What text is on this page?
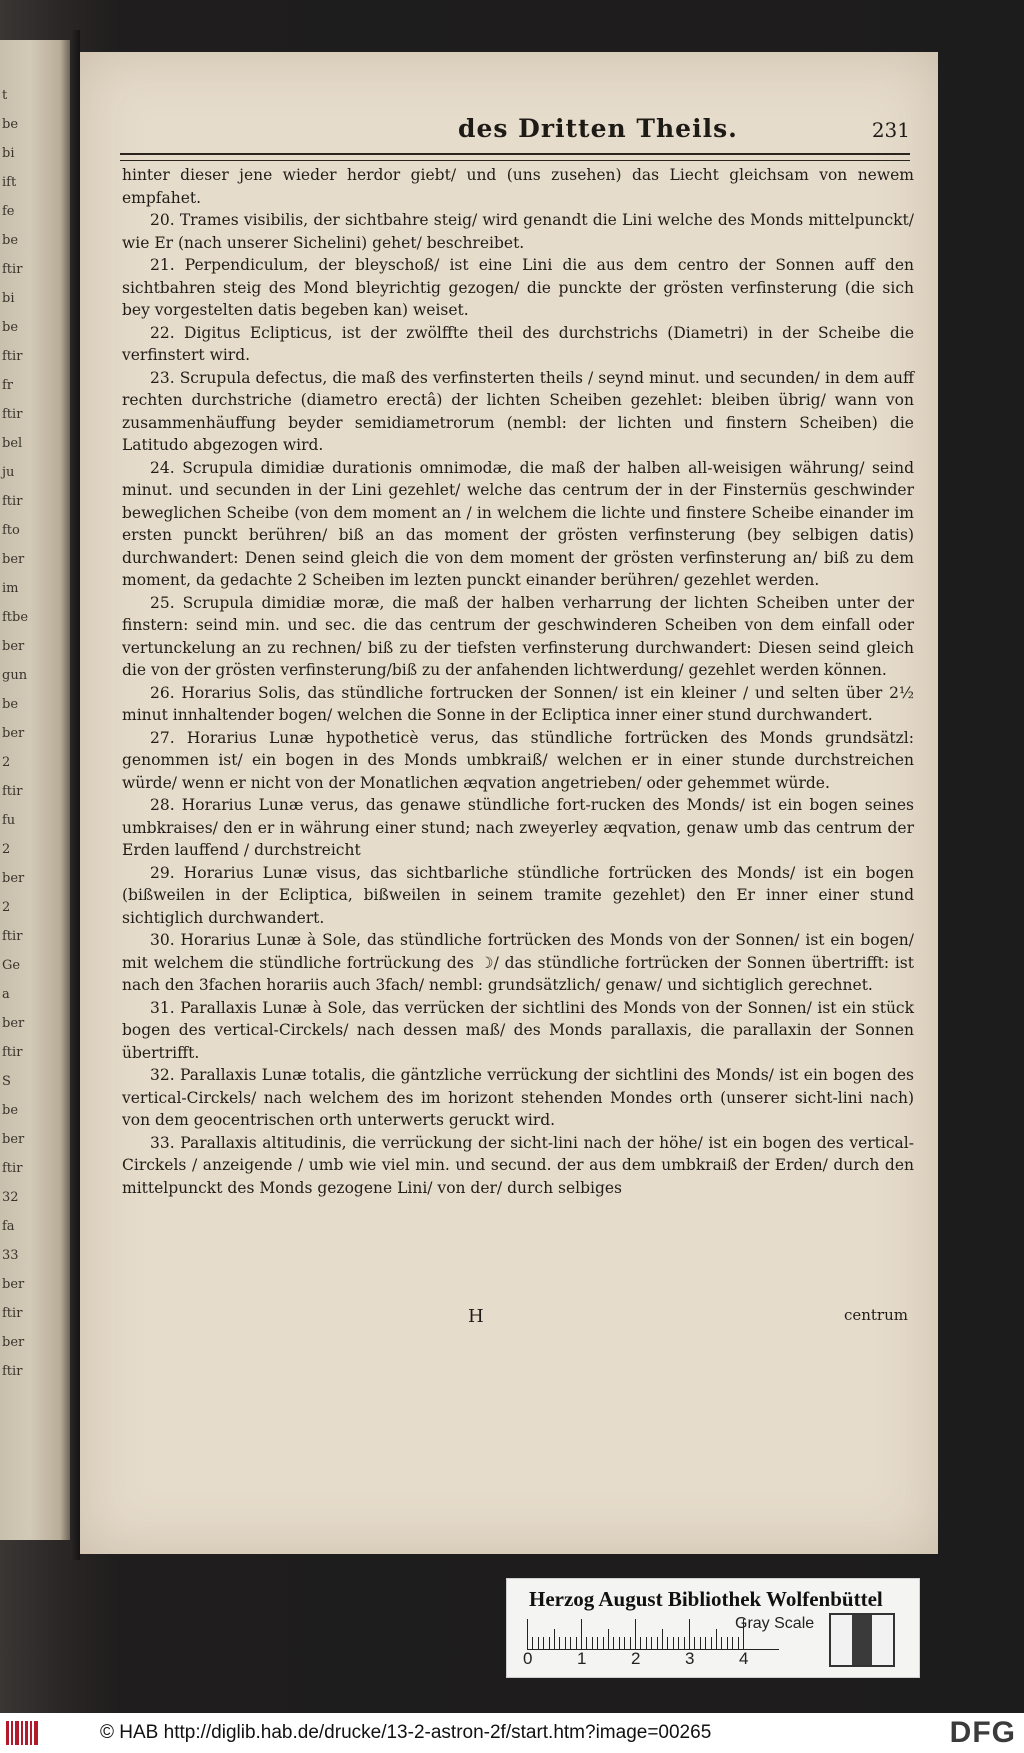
t
be
bi
ift
fe
be
ftir
bi
be
ftir
fr
ftir
bel
ju
ftir
fto
ber
im
ftbe
ber
gun
be
ber
2
ftir
fu
2
ber
2
ftir
Ge
a
ber
ftir
S
be
ber
ftir
32
fa
33
ber
ftir
ber
ftir
des Dritten Theils.	231

hinter dieser jene wieder herdor giebt/ und (uns zusehen) das Liecht gleichsam von newem empfahet.

20. Trames visibilis, der sichtbahre steig/ wird genandt die Lini welche des Monds mittelpunckt/ wie Er (nach unserer Sichelini) gehet/ beschreibet.

21. Perpendiculum, der bleyschoß/ ist eine Lini die aus dem centro der Sonnen auff den sichtbahren steig des Mond bleyrichtig gezogen/ die punckte der grösten verfinsterung (die sich bey vorgestelten datis begeben kan) weiset.

22. Digitus Eclipticus, ist der zwölffte theil des durchstrichs (Diametri) in der Scheibe die verfinstert wird.

23. Scrupula defectus, die maß des verfinsterten theils / seynd minut. und secunden/ in dem auff rechten durchstriche (diametro erectâ) der lichten Scheiben gezehlet: bleiben übrig/ wann von zusammenhäuffung beyder semidiametrorum (nembl: der lichten und finstern Scheiben) die Latitudo abgezogen wird.

24. Scrupula dimidiæ durationis omnimodæ, die maß der halben all-weisigen währung/ seind minut. und secunden in der Lini gezehlet/ welche das centrum der in der Finsternüs geschwinder beweglichen Scheibe (von dem moment an / in welchem die lichte und finstere Scheibe einander im ersten punckt berühren/ biß an das moment der grösten verfinsterung (bey selbigen datis) durchwandert: Denen seind gleich die von dem moment der grösten verfinsterung an/ biß zu dem moment, da gedachte 2 Scheiben im lezten punckt einander berühren/ gezehlet werden.

25. Scrupula dimidiæ moræ, die maß der halben verharrung der lichten Scheiben unter der finstern: seind min. und sec. die das centrum der geschwinderen Scheiben von dem einfall oder vertunckelung an zu rechnen/ biß zu der tiefsten verfinsterung durchwandert: Diesen seind gleich die von der grösten verfinsterung/biß zu der anfahenden lichtwerdung/ gezehlet werden können.

26. Horarius Solis, das stündliche fortrucken der Sonnen/ ist ein kleiner / und selten über 2½ minut innhaltender bogen/ welchen die Sonne in der Ecliptica inner einer stund durchwandert.

27. Horarius Lunæ hypotheticè verus, das stündliche fortrücken des Monds grundsätzl: genommen ist/ ein bogen in des Monds umbkraiß/ welchen er in einer stunde durchstreichen würde/ wenn er nicht von der Monatlichen æqvation angetrieben/ oder gehemmet würde.

28. Horarius Lunæ verus, das genawe stündliche fort-rucken des Monds/ ist ein bogen seines umbkraises/ den er in währung einer stund; nach zweyerley æqvation, genaw umb das centrum der Erden lauffend / durchstreicht

29. Horarius Lunæ visus, das sichtbarliche stündliche fortrücken des Monds/ ist ein bogen (bißweilen in der Ecliptica, bißweilen in seinem tramite gezehlet) den Er inner einer stund sichtiglich durchwandert.

30. Horarius Lunæ à Sole, das stündliche fortrücken des Monds von der Sonnen/ ist ein bogen/ mit welchem die stündliche fortrückung des ☽/ das stündliche fortrücken der Sonnen übertrifft: ist nach den 3fachen horariis auch 3fach/ nembl: grundsätzlich/ genaw/ und sichtiglich gerechnet.

31. Parallaxis Lunæ à Sole, das verrücken der sichtlini des Monds von der Sonnen/ ist ein stück bogen des vertical-Circkels/ nach dessen maß/ des Monds parallaxis, die parallaxin der Sonnen übertrifft.

32. Parallaxis Lunæ totalis, die gäntzliche verrückung der sichtlini des Monds/ ist ein bogen des vertical-Circkels/ nach welchem des im horizont stehenden Mondes orth (unserer sicht-lini nach) von dem geocentrischen orth unterwerts geruckt wird.

33. Parallaxis altitudinis, die verrückung der sicht-lini nach der höhe/ ist ein bogen des vertical-Circkels / anzeigende / umb wie viel min. und secund. der aus dem umbkraiß der Erden/ durch den mittelpunckt des Monds gezogene Lini/ von der/ durch selbiges

H	centrum
Herzog August Bibliothek Wolfenbüttel
0	1	2	3	4
Gray Scale
© HAB http://diglib.hab.de/drucke/13-2-astron-2f/start.htm?image=00265	DFG
